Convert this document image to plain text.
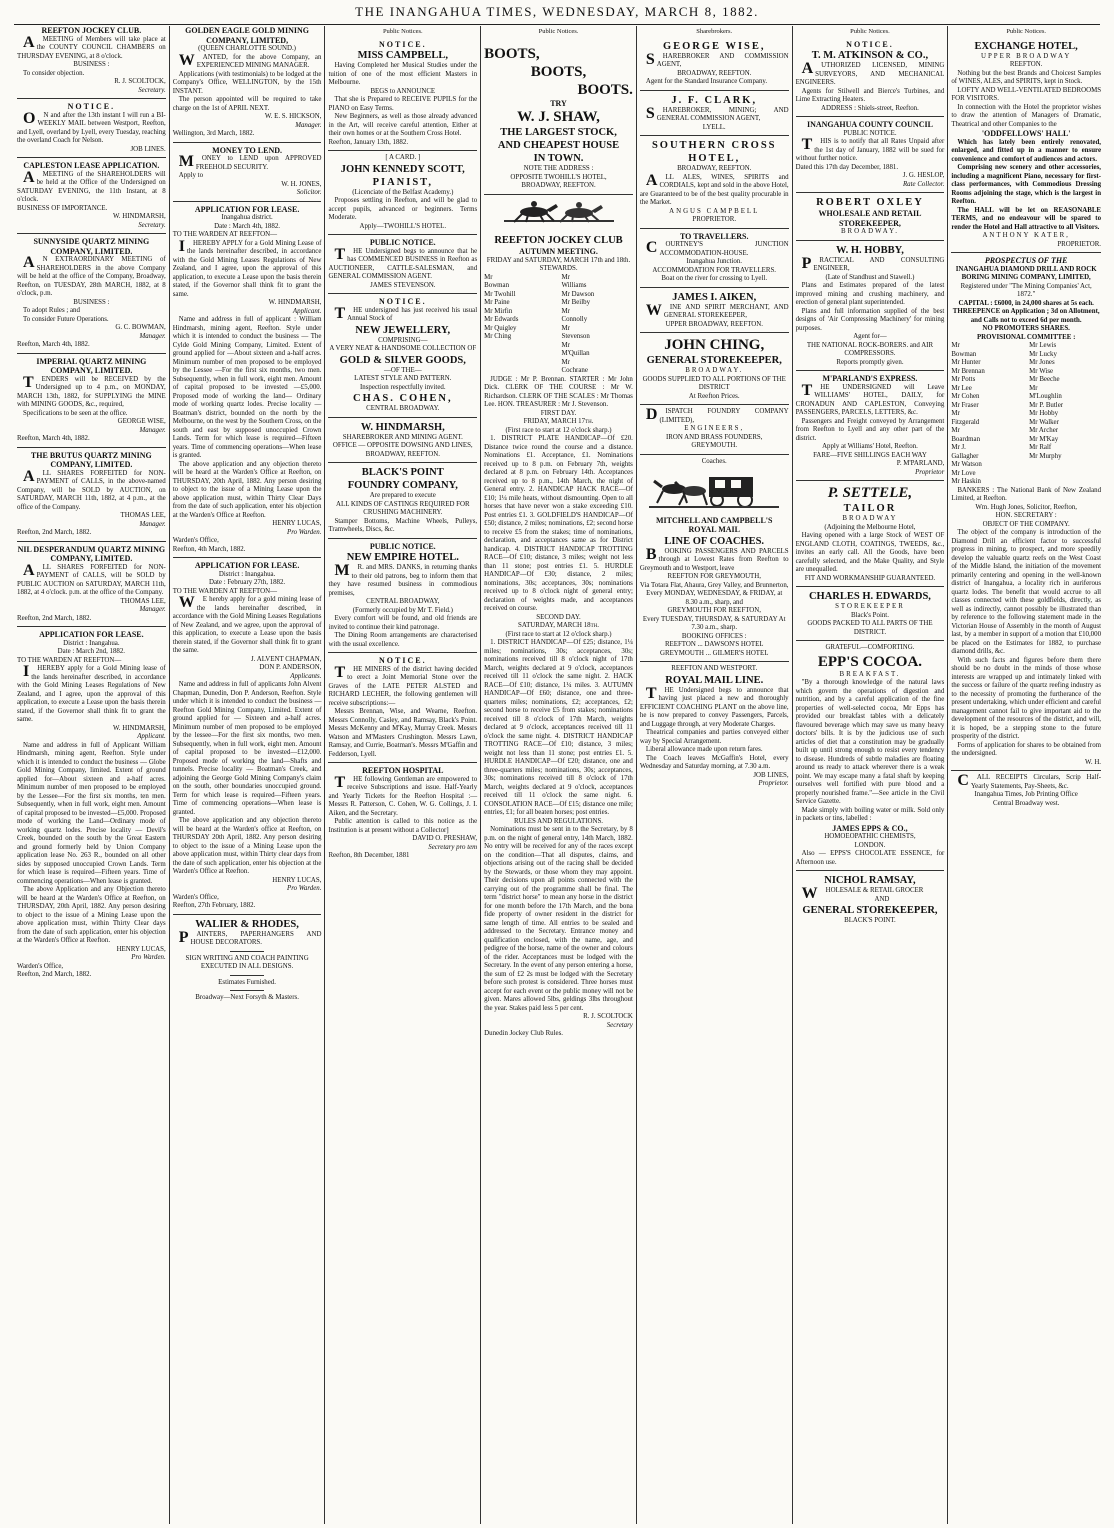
THE INANGAHUA TIMES, WEDNESDAY, MARCH 8, 1882.
REEFTON JOCKEY CLUB.

AMEETING of Members will take place at the COUNTY COUNCIL CHAMBERS on THURSDAY EVENING, at 8 o'clock.

BUSINESS :

To consider objection.

R. J. SCOLTOCK,
Secretary.
NOTICE.

ON and after the 13th instant I will run a BI-WEEKLY MAIL between Westport, Reefton, and Lyell, overland by Lyell, every Tuesday, reaching the overland Coach for Nelson.

JOB LINES.
CAPLESTON LEASE APPLICATION.

AMEETING of the SHAREHOLDERS will be held at the Office of the Undersigned on SATURDAY EVENING, the 11th Instant, at 8 o'clock.

BUSINESS OF IMPORTANCE.
W. HINDMARSH,
Secretary.
SUNNYSIDE QUARTZ MINING COMPANY, LIMITED.

AN EXTRAORDINARY MEETING of SHAREHOLDERS in the above Company will be held at the office of the Company, Broadway, Reefton, on TUESDAY, 28th MARCH, 1882, at 8 o'clock, p.m.

BUSINESS :

To adopt Rules ; and

To consider Future Operations.

G. C. BOWMAN,
Manager.
Reefton, March 4th, 1882.
IMPERIAL QUARTZ MINING COMPANY, LIMITED.

TENDERS will be RECEIVED by the Undersigned up to 4 p.m., on MONDAY, MARCH 13th, 1882, for SUPPLYING the MINE with MINING GOODS, &c., required,

Specifications to be seen at the office.

GEORGE WISE,
Manager.
Reefton, March 4th, 1882.
THE BRUTUS QUARTZ MINING COMPANY, LIMITED.

ALL SHARES FORFEITED for NON-PAYMENT of CALLS, in the above-named Company, will be SOLD by AUCTION, on SATURDAY, MARCH 11th, 1882, at 4 p.m., at the office of the Company.

THOMAS LEE,
Manager.
Reefton, 2nd March, 1882.
NIL DESPERANDUM QUARTZ MINING COMPANY, LIMITED.

ALL SHARES FORFEITED for NON-PAYMENT of CALLS, will be SOLD by PUBLIC AUCTION on SATURDAY, MARCH 11th, 1882, at 4 o'clock. p.m. at the office of the Company.

THOMAS LEE,
Manager.
Reefton, 2nd March, 1882.
APPLICATION FOR LEASE.
District : Inangahua.
Date : March 2nd, 1882.
TO THE WARDEN AT REEFTON—

IHEREBY apply for a Gold Mining lease of the lands hereinafter described, in accordance with the Gold Mining Leases Regulations of New Zealand, and I agree, upon the approval of this application, to execute a Lease upon the basis therein stated, if the Governor shall think fit to grant the same.

W. HINDMARSH,
Applicant.

Name and address in full of Applicant William Hindmarsh, mining agent, Reefton. Style under which it is intended to conduct the business — Globe Gold Mining Company, limited. Extent of ground applied for—About sixteen and a-half acres. Minimum number of men proposed to be employed by the Lessee—For the first six months, ten men. Subsequently, when in full work, eight men. Amount of capital proposed to be invested—£5,000. Proposed mode of working the Land—Ordinary mode of working quartz lodes. Precise locality — Devil's Creek, bounded on the south by the Great Eastern and ground formerly held by Union Company application lease No. 263 R., bounded on all other sides by supposed unoccupied Crown Lands. Term for which lease is required—Fifteen years. Time of commencing operations—When lease is granted.

The above Application and any Objection thereto will be heard at the Warden's Office at Reefton, on THURSDAY, 20th April, 1882. Any person desiring to object to the issue of a Mining Lease upon the above application must, within Thirty Clear days from the date of such application, enter his objection at the Warden's Office at Reefton.

HENRY LUCAS,
Pro Warden.
Warden's Office,
Reefton, 2nd March, 1882.
GOLDEN EAGLE GOLD MINING COMPANY, LIMITED,
(QUEEN CHARLOTTE SOUND.)

WANTED, for the above Company, an EXPERIENCED MINING MANAGER.

Applications (with testimonials) to be lodged at the Company's Office, WELLINGTON, by the 15th INSTANT.

The person appointed will be required to take charge on the 1st of APRIL NEXT.

W. E. S. HICKSON,
Manager.
Wellington, 3rd March, 1882.
MONEY TO LEND.

MONEY to LEND upon APPROVED FREEHOLD SECURITY.

Apply to

W. H. JONES,
Solicitor.
APPLICATION FOR LEASE.
Inangahua district.
Date : March 4th, 1882.
TO THE WARDEN AT REEFTON—

IHEREBY APPLY for a Gold Mining Lease of the lands hereinafter described, in accordance with the Gold Mining Leases Regulations of New Zealand, and I agree, upon the approval of this application, to execute a Lease upon the basis therein stated, if the Governor shall think fit to grant the same.

W. HINDMARSH,
Applicant.

Name and address in full of applicant : William Hindmarsh, mining agent, Reefton. Style under which it is intended to conduct the business — The Cylde Gold Mining Company, Limited. Extent of ground applied for —About sixteen and a-half acres. Minimum number of men proposed to be employed by the Lessee —For the first six months, two men. Subsequently, when in full work, eight men. Amount of capital proposed to be invested —£5,000. Proposed mode of working the land— Ordinary mode of working quartz lodes. Precise locality — Boatman's district, bounded on the north by the Melbourne, on the west by the Southern Cross, on the south and east by supposed unoccupied Crown Lands. Term for which lease is required—Fifteen years. Time of commencing operations—When lease is granted.

The above application and any objection thereto will be heard at the Warden's Office at Reefton, on THURSDAY, 20th April, 1882. Any person desiring to object to the issue of a Mining Lease upon the above application must, within Thirty Clear Days from the date of such application, enter his objection at the Warden's Office at Reefton.

HENRY LUCAS,
Pro Warden.
Warden's Office,
Reefton, 4th March, 1882.
APPLICATION FOR LEASE.
District : Inangahua.
Date : February 27th, 1882.
TO THE WARDEN AT REEFTON—

WE hereby apply for a gold mining lease of the lands hereinafter described, in accordance with the Gold Mining Leases Regulations of New Zealand, and we agree, upon the approval of this application, to execute a Lease upon the basis therein stated, if the Governor shall think fit to grant the same.

J. ALVENT CHAPMAN,
DON P. ANDERSON,
Applicants.

Name and address in full of applicants John Alvent Chapman, Dunedin, Don P. Anderson, Reefton. Style under which it is intended to conduct the business — Reefton Gold Mining Company, Limited. Extent of ground applied for — Sixteen and a-half acres. Minimum number of men proposed to be employed by the lessee—For the first six months, two men. Subsequently, when in full work, eight men. Amount of capital proposed to be invested—£12,000. Proposed mode of working the land—Shafts and tunnels. Precise locality — Boatman's Creek, and adjoining the George Gold Mining Company's claim on the south, other boundaries unoccupied ground. Term for which lease is required—Fifteen years. Time of commencing operations—When lease is granted.

The above application and any objection thereto will be heard at the Warden's office at Reefton, on THURSDAY 20th April, 1882. Any person desiring to object to the issue of a Mining Lease upon the above application must, within Thirty clear days from the date of such application, enter his objection at the Warden's Office at Reefton.

HENRY LUCAS,
Pro Warden.
Warden's Office,
Reefton, 27th February, 1882.
WALIER & RHODES,

PAINTERS, PAPERHANGERS AND HOUSE DECORATORS.

SIGN WRITING AND COACH PAINTING EXECUTED IN ALL DESIGNS.
Estimates Furnished.
Broadway—Next Forsyth & Masters.
Public Notices.
NOTICE.
MISS CAMPBELL,

Having Completed her Musical Studies under the tuition of one of the most efficient Masters in Melbourne.

BEGS to ANNOUNCE

That she is Prepared to RECEIVE PUPILS for the PIANO on Easy Terms.

New Beginners, as well as those already advanced in the Art, will receive careful attention, Either at their own homes or at the Southern Cross Hotel.

Reefton, January 13th, 1882.
[ A CARD. ]
JOHN KENNEDY SCOTT,
PIANIST,
(Licenciate of the Belfast Academy.)

Proposes settling in Reefton, and will be glad to accept pupils, advanced or beginners. Terms Moderate.

Apply—TWOHILL'S HOTEL.
PUBLIC NOTICE.

THE Undersigned begs to announce that he has COMMENCED BUSINESS in Reefton as AUCTIONEER, CATTLE-SALESMAN, and GENERAL COMMISSION AGENT.

JAMES STEVENSON.
NOTICE.

THE undersigned has just received his usual Annual Stock of

NEW JEWELLERY,
COMPRISING—
A VERY NEAT & HANDSOME COLLECTION OF
GOLD & SILVER GOODS,
—OF THE—
LATEST STYLE AND PATTERN.
Inspection respectfully invited.
CHAS. COHEN,
CENTRAL BROADWAY.
W. HINDMARSH,
SHAREBROKER AND MINING AGENT.
OFFICE — OPPOSITE DOWSING AND LINES,
BROADWAY, REEFTON.
BLACK'S POINT
FOUNDRY COMPANY,
Are prepared to execute
ALL KINDS OF CASTINGS REQUIRED FOR CRUSHING MACHINERY.

Stamper Bottoms, Machine Wheels, Pulleys, Tramwheels, Discs, &c.

PUBLIC NOTICE.
NEW EMPIRE HOTEL.

MR. and MRS. DANKS, in returning thanks to their old patrons, beg to inform them that they have resumed business in commodious premises,

CENTRAL BROADWAY,
(Formerly occupied by Mr T. Field.)

Every comfort will be found, and old friends are invited to continue their kind patronage.

The Dining Room arrangements are characterised with the usual excellence.

NOTICE.

THE MINERS of the district having decided to erect a Joint Memorial Stone over the Graves of the LATE PETER ALSTED and RICHARD LECHER, the following gentlemen will receive subscriptions:—

Messrs Brennan, Wise, and Wearne, Reefton. Messrs Connolly, Casley, and Ramsay, Black's Point. Messrs McKenny and M'Kay, Murray Creek. Messrs Watson and M'Masters Crushington. Messrs Lawn, Ramsay, and Currie, Boatman's. Messrs M'Gaffin and Fedderson, Lyell.

REEFTON HOSPITAL

THE following Gentleman are empowered to receive Subscriptions and issue. Half-Yearly and Yearly Tickets for the Reefton Hospital :— Messrs R. Patterson, C. Cohen, W. G. Collings, J. I. Aiken, and the Secretary.

Public attention is called to this notice as the Institution is at present without a Collector]

DAVID O. PRESHAW,
Secretary pro tem
Reefton, 8th December, 1881
Public Notices.
BOOTS,
BOOTS,
BOOTS.
TRY
W. J. SHAW,
THE LARGEST STOCK,
AND CHEAPEST HOUSE
IN TOWN.
NOTE THE ADDRESS :
OPPOSITE TWOHILL'S HOTEL,
BROADWAY, REEFTON.
REEFTON JOCKEY CLUB
AUTUMN MEETING.
FRIDAY and SATURDAY, MARCH 17th and 18th.
STEWARDS.
Mr Bowman
Mr Twohill
Mr Paine
Mr Mirfin
Mr Edwards
Mr Quigley
Mr Ching
Mr Williams
Mr Dawson
Mr Beilby
Mr Connolly
Mr Stevenson
Mr M'Quillan
Mr Cochrane

JUDGE : Mr P. Brennan. STARTER : Mr John Dick. CLERK OF THE COURSE : Mr W. Richardson. CLERK OF THE SCALES : Mr Thomas Lee. HON. TREASURER : Mr J. Stevenson.

FIRST DAY.
FRIDAY, MARCH 17th.
(First race to start at 12 o'clock sharp.)

1. DISTRICT PLATE HANDICAP—Of £20. Distance twice round the course and a distance. Nominations £1. Acceptance, £1. Nominations received up to 8 p.m. on February 7th, weights declared at 8 p.m. on February 14th. Acceptances received up to 8 p.m., 14th March, the night of General entry. 2. HANDICAP HACK RACE—Of £10; 1¼ mile heats, without dismounting. Open to all horses that have never won a stake exceeding £10. Post entries £1. 3. GOLDFIELD'S HANDICAP—Of £50; distance, 2 miles; nominations, £2; second horse to receive £5 from the stakes; time of nominations, declaration, and acceptances same as for District handicap. 4. DISTRICT HANDICAP TROTTING RACE—Of £10; distance, 3 miles; weight not less than 11 stone; post entries £1. 5. HURDLE HANDICAP—Of £30; distance, 2 miles; nominations, 30s; acceptances, 30s; nominations received up to 8 o'clock night of general entry; declaration of weights made, and acceptances received on course.

SECOND DAY.
SATURDAY, MARCH 18th.
(First race to start at 12 o'clock sharp.)

1. DISTRICT HANDICAP—Of £25; distance, 1¼ miles; nominations, 30s; acceptances, 30s; nominations received till 8 o'clock night of 17th March, weights declared at 9 o'clock, acceptances received till 11 o'clock the same night. 2. HACK RACE—Of £10; distance, 1¼ miles. 3. AUTUMN HANDICAP—Of £60; distance, one and three-quarters miles; nominations, £2; acceptances, £2; second horse to receive £5 from stakes; nominations received till 8 o'clock of 17th March, weights declared at 9 o'clock, acceptances received till 11 o'clock the same night. 4. DISTRICT HANDICAP TROTTING RACE—Of £10; distance, 3 miles; weight not less than 11 stone; post entries £1. 5. HURDLE HANDICAP—Of £20; distance, one and three-quarters miles; nominations, 30s; acceptances, 30s; nominations received till 8 o'clock of 17th March, weights declared at 9 o'clock, acceptances received till 11 o'clock the same night. 6. CONSOLATION RACE—Of £15; distance one mile; entries, £1; for all beaten horses; post entries.

RULES AND REGULATIONS.

Nominations must be sent in to the Secretary, by 8 p.m. on the night of general entry, 14th March, 1882. No entry will be received for any of the races except on the condition—That all disputes, claims, and objections arising out of the racing shall be decided by the Stewards, or those whom they may appoint. Their decisions upon all points connected with the carrying out of the programme shall be final. The term "district horse" to mean any horse in the district for one month before the 17th March, and the bona fide property of owner resident in the district for same length of time. All entries to be sealed and addressed to the Secretary. Entrance money and qualification enclosed, with the name, age, and pedigree of the horse, name of the owner and colours of the rider. Acceptances must be lodged with the Secretary. In the event of any person entering a horse, the sum of £2 2s must be lodged with the Secretary before such protest is considered. Three horses must accept for each event or the public money will not be given. Mares allowed 5lbs, geldings 3lbs throughout the year. Stakes paid less 5 per cent.

R. J. SCOLTOCK
Secretary
Dunedin Jockey Club Rules.
Sharebrokers.
GEORGE WISE,

SHAREBROKER AND COMMISSION AGENT,

BROADWAY, REEFTON.

Agent for the Standard Insurance Company.

J. F. CLARK,

SHAREBROKER, MINING; AND GENERAL COMMISSION AGENT,

LYELL.
SOUTHERN CROSS HOTEL,
BROADWAY, REEFTON.

ALL ALES, WINES, SPIRITS and CORDIALS, kept and sold in the above Hotel, are Guaranteed to be of the best quality procurable in the Market.

ANGUS CAMPBELL
PROPRIETOR.
TO TRAVELLERS.

COURTNEY'S JUNCTION ACCOMMODATION-HOUSE.

Inangahua Junction.
ACCOMMODATION FOR TRAVELLERS.
Boat on the river for crossing to Lyell.
JAMES I. AIKEN,

WINE AND SPIRIT MERCHANT, AND GENERAL STOREKEEPER,

UPPER BROADWAY, REEFTON.
JOHN CHING,
GENERAL STOREKEEPER,
BROADWAY.
GOODS SUPPLIED TO ALL PORTIONS OF THE DISTRICT
At Reefton Prices.

DISPATCH FOUNDRY COMPANY (LIMITED),

ENGINEERS,
IRON AND BRASS FOUNDERS,
GREYMOUTH.
Coaches.
MITCHELL AND CAMPBELL'S
ROYAL MAIL
LINE OF COACHES.

BOOKING PASSENGERS AND PARCELS through at Lowest Rates from Reefton to Greymouth and to Westport, leave

REEFTON FOR GREYMOUTH,
Via Totara Flat, Ahaura, Grey Valley, and Brunnerton,
Every MONDAY, WEDNESDAY, & FRIDAY, at 8.30 a.m., sharp, and
GREYMOUTH FOR REEFTON,
Every TUESDAY, THURSDAY, & SATURDAY At 7.30 a.m., sharp.
BOOKING OFFICES :
REEFTON ... DAWSON'S HOTEL
GREYMOUTH ... GILMER'S HOTEL
REEFTON AND WESTPORT.
ROYAL MAIL LINE.

THE Undersigned begs to announce that having just placed a new and thoroughly EFFICIENT COACHING PLANT on the above line, he is now prepared to convey Passengers, Parcels, and Luggage through, at very Moderate Charges.

Theatrical companies and parties conveyed either way by Special Arrangement.

Liberal allowance made upon return fares.

The Coach leaves McGaffin's Hotel, every Wednesday and Saturday morning, at 7.30 a.m.

JOB LINES,
Proprietor.
Public Notices.
NOTICE.
T. M. ATKINSON & CO.,

AUTHORIZED LICENSED, MINING SURVEYORS, AND MECHANICAL ENGINEERS.

Agents for Stilwell and Bierce's Turbines, and Lime Extracting Heaters.

ADDRESS : Shiels-street, Reefton.
INANGAHUA COUNTY COUNCIL
PUBLIC NOTICE.

THIS is to notify that all Rates Unpaid after the 1st day of January, 1882 will be sued for without further notice.

Dated this 17th day December, 1881.
J. G. HESLOP,
Rate Collector.
ROBERT OXLEY
WHOLESALE AND RETAIL STOREKEEPER,
BROADWAY.
W. H. HOBBY,

PRACTICAL AND CONSULTING ENGINEER,

(Late of Standhust and Stawell.)

Plans and Estimates prepared of the latest improved mining and crushing machinery, and erection of general plant superintended.

Plans and full information supplied of the best designs of 'Air Compressing Machinery' for mining purposes.

Agent for—
THE NATIONAL ROCK-BORERS. and AIR COMPRESSORS.
Reports promptly given.
M'PARLAND'S EXPRESS.

THE UNDERSIGNED will Leave WILLIAMS' HOTEL, DAILY, for CRONADUN AND CAPLESTON, Conveying PASSENGERS, PARCELS, LETTERS, &c.

Passengers and Freight conveyed by Arrangement from Reefton to Lyell and any other part of the district.

Apply at Williams' Hotel, Reefton.
FARE—FIVE SHILLINGS EACH WAY
P. M'PARLAND,
Proprietor
P. SETTELE,
TAILOR
BROADWAY
(Adjoining the Melbourne Hotel,

Having opened with a large Stock of WEST OF ENGLAND CLOTH, COATINGS, TWEEDS, &c., invites an early call. All the Goods, have been carefully selected, and the Make Quality, and Style are unequalled.

FIT AND WORKMANSHIP GUARANTEED.
CHARLES H. EDWARDS,
STOREKEEPER
Black's Point.
GOODS PACKED TO ALL PARTS OF THE DISTRICT.
GRATEFUL—COMFORTING.
EPP'S COCOA.
BREAKFAST.

"By a thorough knowledge of the natural laws which govern the operations of digestion and nutrition, and by a careful application of the fine properties of well-selected cocoa, Mr Epps has provided our breakfast tables with a delicately flavoured beverage which may save us many heavy doctors' bills. It is by the judicious use of such articles of diet that a constitution may be gradually built up until strong enough to resist every tendency to disease. Hundreds of subtle maladies are floating around us ready to attack wherever there is a weak point. We may escape many a fatal shaft by keeping ourselves well fortified with pure blood and a properly nourished frame."—See article in the Civil Service Gazette.

Made simply with boiling water or milk. Sold only in packets or tins, labelled :

JAMES EPPS & CO.,
HOMOEOPATHIC CHEMISTS,
LONDON.

Also — EPPS'S CHOCOLATE ESSENCE, for Afternoon use.

NICHOL RAMSAY,

WHOLESALE & RETAIL GROCER

AND
GENERAL STOREKEEPER,
BLACK'S POINT.
Public Notices.
EXCHANGE HOTEL,
UPPER BROADWAY
REEFTON.

Nothing but the best Brands and Choicest Samples of WINES, ALES, and SPIRITS, kept in Stock.

LOFTY AND WELL-VENTILATED BEDROOMS FOR VISITORS.

In connection with the Hotel the proprietor wishes to draw the attention of Managers of Dramatic, Theatrical and other Companies to the

'ODDFELLOWS' HALL'

Which has lately been entirely renovated, enlarged, and fitted up in a manner to ensure convenience and comfort of audiences and actors.

Comprising new scenery and other accessories, including a magnificent Piano, necessary for first-class performances, with Commodious Dressing Rooms adjoining the stage, which is the largest in Reefton.

The HALL will be let on REASONABLE TERMS, and no endeavour will be spared to render the Hotel and Hall attractive to all Visitors.

ANTHONY KATER,
PROPRIETOR.
PROSPECTUS OF THE
INANGAHUA DIAMOND DRILL AND ROCK BORING MINING COMPANY, LIMITED,
Registered under "The Mining Companies' Act, 1872."
CAPITAL : £6000, in 24,000 shares at 5s each.
THREEPENCE on Application ; 3d on Allotment, and Calls not to exceed 6d per month.
NO PROMOTERS SHARES.
PROVISIONAL COMMITTEE :
Mr Bowman
Mr Hunter
Mr Brennan
Mr Potts
Mr Lee
Mr Cohen
Mr Fraser
Mr Fitzgerald
Mr Boardman
Mr J. Gallagher
Mr Watson
Mr Love
Mr Haskin
Mr Lewis
Mr Lucky
Mr Jones
Mr Wise
Mr Beeche
Mr M'Loughlin
Mr P. Butler
Mr Hobby
Mr Walker
Mr Archer
Mr M'Kay
Mr Ralf
Mr Murphy

BANKERS : The National Bank of New Zealand Limited, at Reefton.

Wm. Hugh Jones, Solicitor, Reefton,
HON. SECRETARY :
OBJECT OF THE COMPANY.

The object of the company is introduction of the Diamond Drill an efficient factor to successful progress in mining, to prospect, and more speedily develop the valuable quartz reefs on the West Coast of the Middle Island, the initiation of the movement primarily centering and opening in the well-known district of Inangahua, a locality rich in auriferous quartz lodes. The benefit that would accrue to all classes connected with these goldfields, directly, as well as indirectly, cannot possibly be illustrated than by reference to the following statement made in the Victorian House of Assembly in the month of August last, by a member in support of a motion that £10,000 be placed on the Estimates for 1882, to purchase diamond drills, &c.

With such facts and figures before them there should be no doubt in the minds of those whose interests are wrapped up and intimately linked with the success or failure of the quartz reefing industry as to the necessity of promoting the furtherance of the present undertaking, which under efficient and careful management cannot fail to give important aid to the development of the resources of the district, and will, it is hoped, be a stepping stone to the future prosperity of the district.

Forms of application for shares to be obtained from the undersigned.

W. H.

CALL RECEIPTS Circulars, Scrip Half-Yearly Statements, Pay-Sheets, &c.

Inangahua Times, Job Printing Office
Central Broadway west.
